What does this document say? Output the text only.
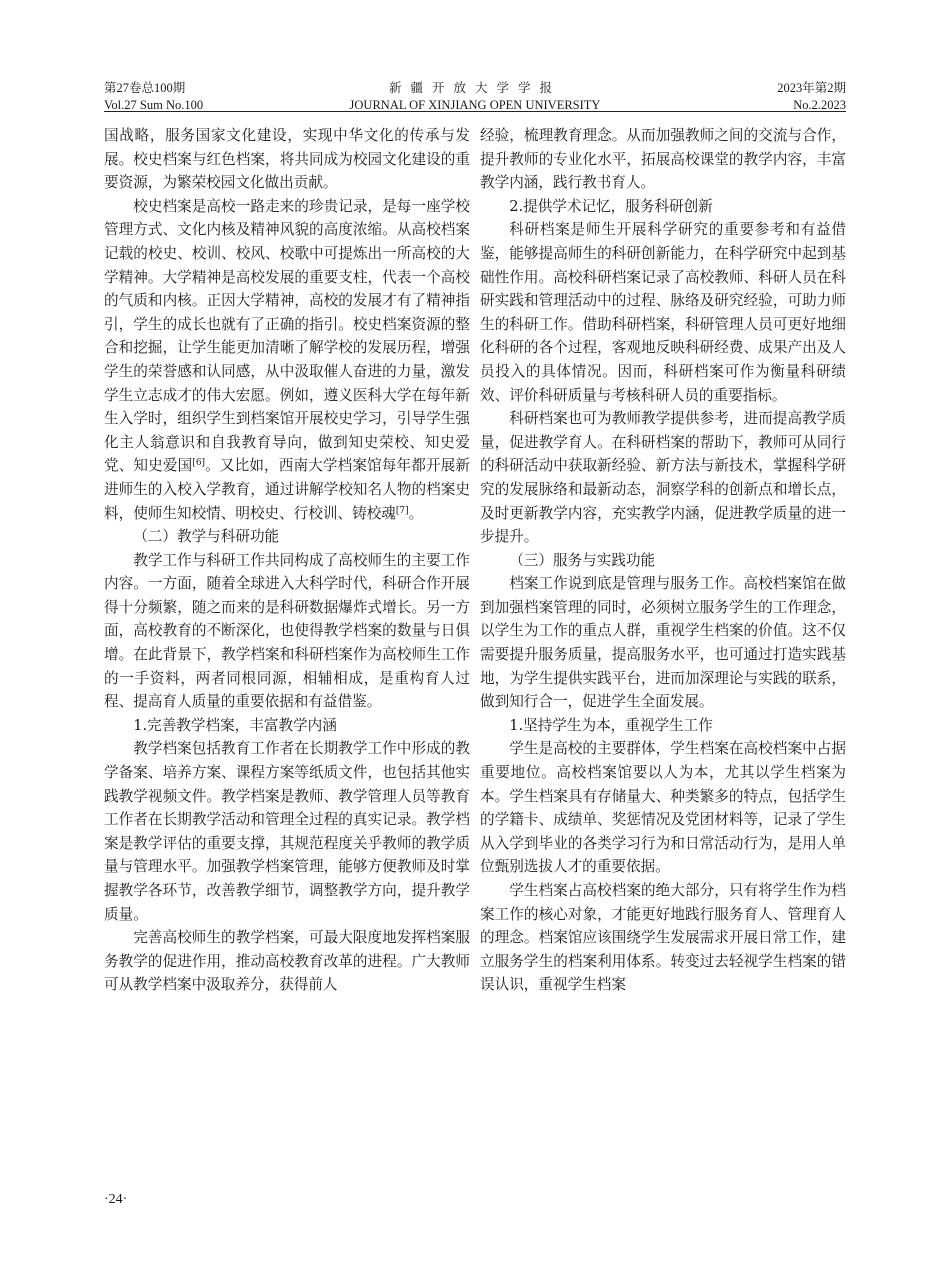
第27卷总100期
Vol.27 Sum No.100
新疆开放大学学报
JOURNAL OF XINJIANG OPEN UNIVERSITY
2023年第2期
No.2.2023

国战略，服务国家文化建设，实现中华文化的传承与发展。校史档案与红色档案，将共同成为校园文化建设的重要资源，为繁荣校园文化做出贡献。

校史档案是高校一路走来的珍贵记录，是每一座学校管理方式、文化内核及精神风貌的高度浓缩。从高校档案记载的校史、校训、校风、校歌中可提炼出一所高校的大学精神。大学精神是高校发展的重要支柱，代表一个高校的气质和内核。正因大学精神，高校的发展才有了精神指引，学生的成长也就有了正确的指引。校史档案资源的整合和挖掘，让学生能更加清晰了解学校的发展历程，增强学生的荣誉感和认同感，从中汲取催人奋进的力量，激发学生立志成才的伟大宏愿。例如，遵义医科大学在每年新生入学时，组织学生到档案馆开展校史学习，引导学生强化主人翁意识和自我教育导向，做到知史荣校、知史爱党、知史爱国[6]。又比如，西南大学档案馆每年都开展新进师生的入校入学教育，通过讲解学校知名人物的档案史料，使师生知校情、明校史、行校训、铸校魂[7]。

（二）教学与科研功能

教学工作与科研工作共同构成了高校师生的主要工作内容。一方面，随着全球进入大科学时代，科研合作开展得十分频繁，随之而来的是科研数据爆炸式增长。另一方面，高校教育的不断深化，也使得教学档案的数量与日俱增。在此背景下，教学档案和科研档案作为高校师生工作的一手资料，两者同根同源，相辅相成，是重构育人过程、提高育人质量的重要依据和有益借鉴。

1.完善教学档案，丰富教学内涵

教学档案包括教育工作者在长期教学工作中形成的教学备案、培养方案、课程方案等纸质文件，也包括其他实践教学视频文件。教学档案是教师、教学管理人员等教育工作者在长期教学活动和管理全过程的真实记录。教学档案是教学评估的重要支撑，其规范程度关乎教师的教学质量与管理水平。加强教学档案管理，能够方便教师及时掌握教学各环节，改善教学细节，调整教学方向，提升教学质量。

完善高校师生的教学档案，可最大限度地发挥档案服务教学的促进作用，推动高校教育改革的进程。广大教师可从教学档案中汲取养分，获得前人

经验，梳理教育理念。从而加强教师之间的交流与合作，提升教师的专业化水平，拓展高校课堂的教学内容，丰富教学内涵，践行教书育人。

2.提供学术记忆，服务科研创新

科研档案是师生开展科学研究的重要参考和有益借鉴，能够提高师生的科研创新能力，在科学研究中起到基础性作用。高校科研档案记录了高校教师、科研人员在科研实践和管理活动中的过程、脉络及研究经验，可助力师生的科研工作。借助科研档案，科研管理人员可更好地细化科研的各个过程，客观地反映科研经费、成果产出及人员投入的具体情况。因而，科研档案可作为衡量科研绩效、评价科研质量与考核科研人员的重要指标。

科研档案也可为教师教学提供参考，进而提高教学质量，促进教学育人。在科研档案的帮助下，教师可从同行的科研活动中获取新经验、新方法与新技术，掌握科学研究的发展脉络和最新动态，洞察学科的创新点和增长点，及时更新教学内容，充实教学内涵，促进教学质量的进一步提升。

（三）服务与实践功能

档案工作说到底是管理与服务工作。高校档案馆在做到加强档案管理的同时，必须树立服务学生的工作理念，以学生为工作的重点人群，重视学生档案的价值。这不仅需要提升服务质量，提高服务水平，也可通过打造实践基地，为学生提供实践平台，进而加深理论与实践的联系，做到知行合一，促进学生全面发展。

1.坚持学生为本，重视学生工作

学生是高校的主要群体，学生档案在高校档案中占据重要地位。高校档案馆要以人为本，尤其以学生档案为本。学生档案具有存储量大、种类繁多的特点，包括学生的学籍卡、成绩单、奖惩情况及党团材料等，记录了学生从入学到毕业的各类学习行为和日常活动行为，是用人单位甄别选拔人才的重要依据。

学生档案占高校档案的绝大部分，只有将学生作为档案工作的核心对象，才能更好地践行服务育人、管理育人的理念。档案馆应该围绕学生发展需求开展日常工作，建立服务学生的档案利用体系。转变过去轻视学生档案的错误认识，重视学生档案

·24·
